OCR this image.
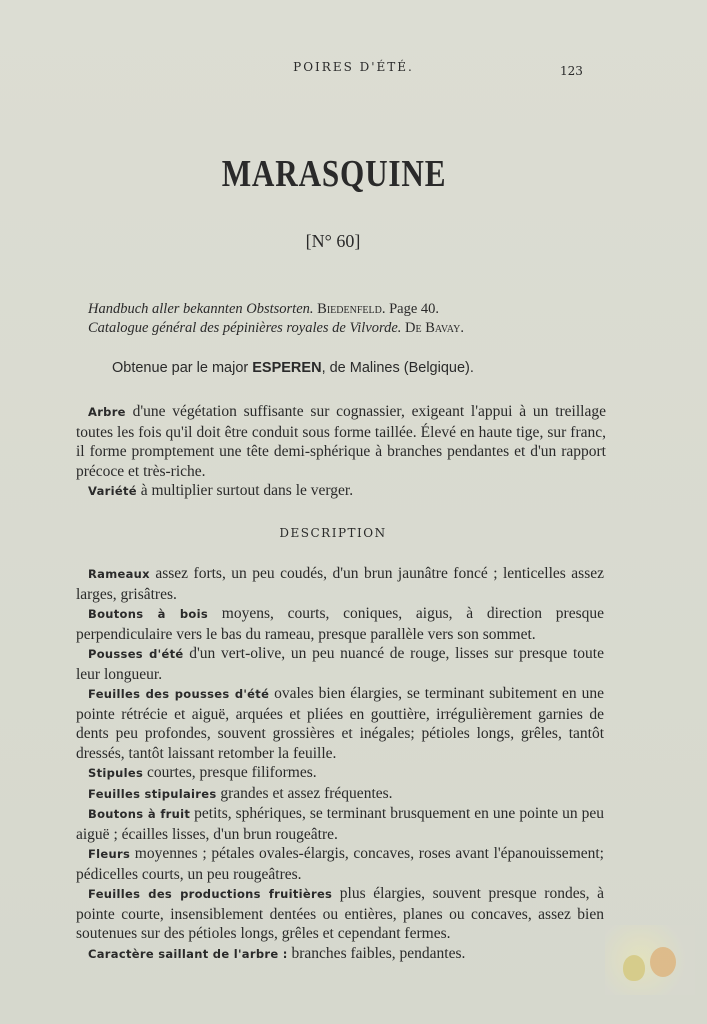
POIRES D'ÉTÉ.	123
MARASQUINE
[N° 60]
Handbuch aller bekannten Obstsorten. Biedenfeld. Page 40.
Catalogue général des pépinières royales de Vilvorde. De Bavay.
Obtenue par le major ESPEREN, de Malines (Belgique).

Arbre d'une végétation suffisante sur cognassier, exigeant l'appui à un treillage toutes les fois qu'il doit être conduit sous forme taillée. Élevé en haute tige, sur franc, il forme promptement une tête demi-sphérique à branches pendantes et d'un rapport précoce et très-riche.

Variété à multiplier surtout dans le verger.

DESCRIPTION

Rameaux assez forts, un peu coudés, d'un brun jaunâtre foncé ; lenticelles assez larges, grisâtres.

Boutons à bois moyens, courts, coniques, aigus, à direction presque perpendiculaire vers le bas du rameau, presque parallèle vers son sommet.

Pousses d'été d'un vert-olive, un peu nuancé de rouge, lisses sur presque toute leur longueur.

Feuilles des pousses d'été ovales bien élargies, se terminant subitement en une pointe rétrécie et aiguë, arquées et pliées en gouttière, irrégulièrement garnies de dents peu profondes, souvent grossières et inégales; pétioles longs, grêles, tantôt dressés, tantôt laissant retomber la feuille.

Stipules courtes, presque filiformes.

Feuilles stipulaires grandes et assez fréquentes.

Boutons à fruit petits, sphériques, se terminant brusquement en une pointe un peu aiguë ; écailles lisses, d'un brun rougeâtre.

Fleurs moyennes ; pétales ovales-élargis, concaves, roses avant l'épanouissement; pédicelles courts, un peu rougeâtres.

Feuilles des productions fruitières plus élargies, souvent presque rondes, à pointe courte, insensiblement dentées ou entières, planes ou concaves, assez bien soutenues sur des pétioles longs, grêles et cependant fermes.

Caractère saillant de l'arbre : branches faibles, pendantes.
